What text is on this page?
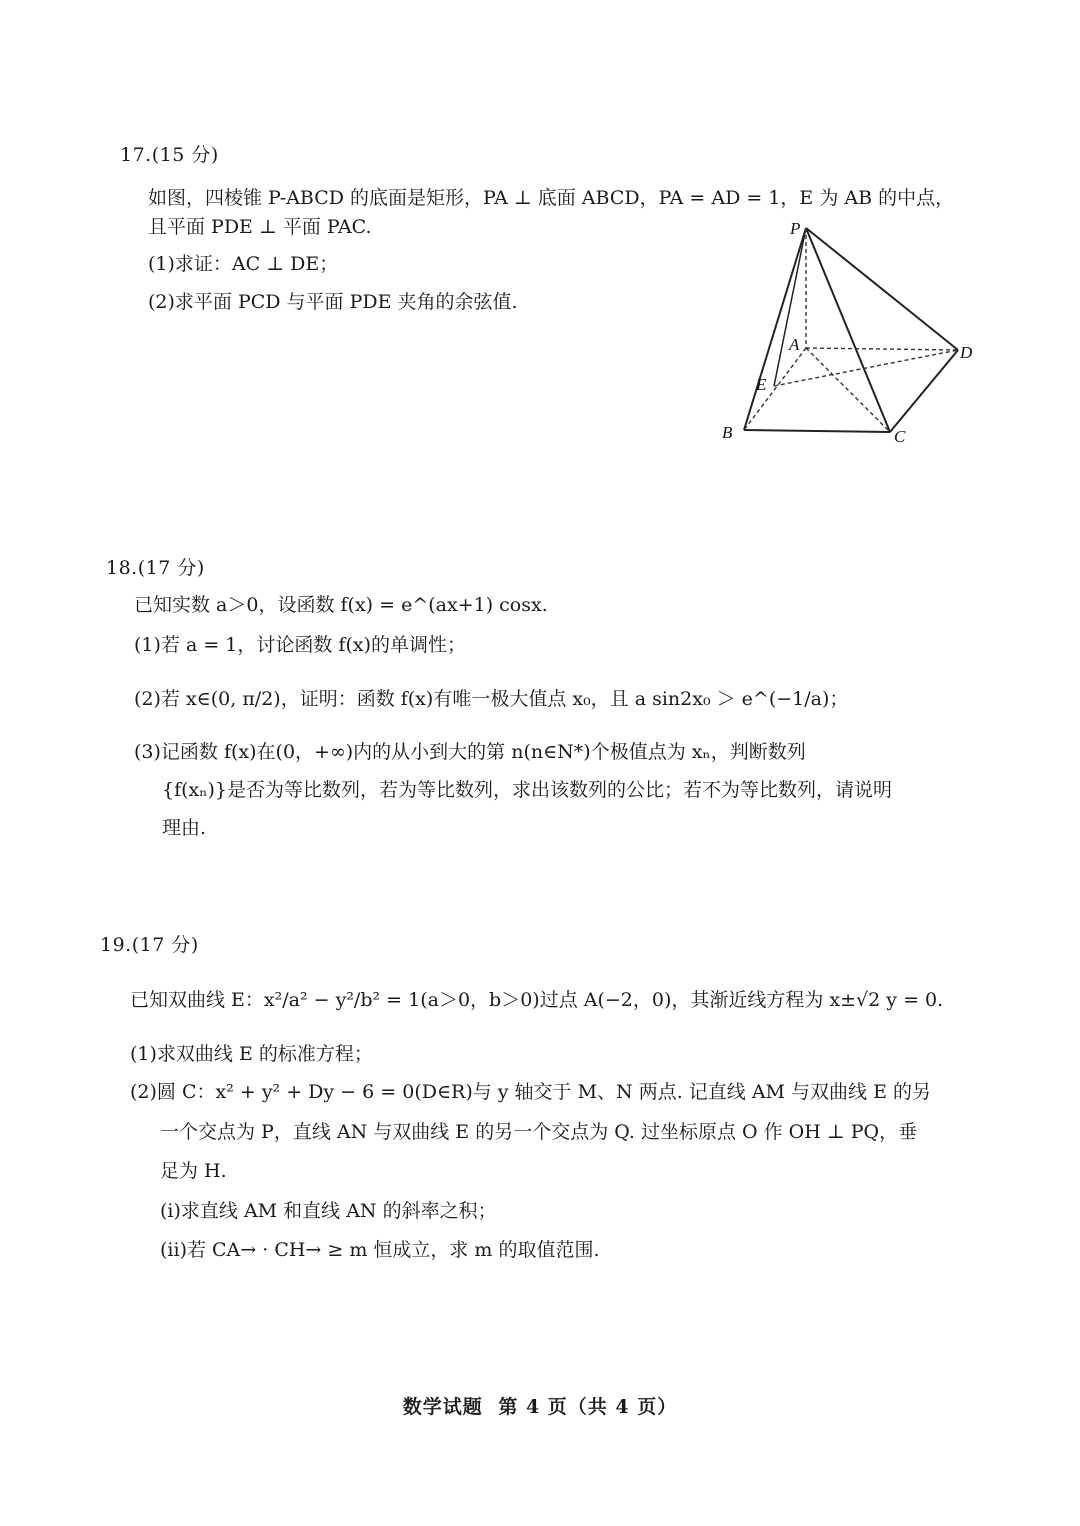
17.(15 分)
如图，四棱锥 P-ABCD 的底面是矩形，PA ⊥ 底面 ABCD，PA = AD = 1，E 为 AB 的中点，
且平面 PDE ⊥ 平面 PAC.
(1)求证：AC ⊥ DE；
(2)求平面 PCD 与平面 PDE 夹角的余弦值.
P
A
B	C
D
E
18.(17 分)
已知实数 a＞0，设函数 f(x) = e^(ax+1) cosx.
(1)若 a = 1，讨论函数 f(x)的单调性；
(2)若 x∈(0, π/2)，证明：函数 f(x)有唯一极大值点 x₀，且 a sin2x₀ ＞ e^(−1/a)；
(3)记函数 f(x)在(0，+∞)内的从小到大的第 n(n∈N*)个极值点为 xₙ，判断数列
{f(xₙ)}是否为等比数列，若为等比数列，求出该数列的公比；若不为等比数列，请说明
理由.
19.(17 分)
已知双曲线 E：x²/a² − y²/b² = 1(a＞0，b＞0)过点 A(−2，0)，其渐近线方程为 x±√2 y = 0.
(1)求双曲线 E 的标准方程；
(2)圆 C：x² + y² + Dy − 6 = 0(D∈R)与 y 轴交于 M、N 两点. 记直线 AM 与双曲线 E 的另
一个交点为 P，直线 AN 与双曲线 E 的另一个交点为 Q. 过坐标原点 O 作 OH ⊥ PQ，垂
足为 H.
(i)求直线 AM 和直线 AN 的斜率之积；
(ii)若 CA→ · CH→ ≥ m 恒成立，求 m 的取值范围.
数学试题 第 4 页（共 4 页）
